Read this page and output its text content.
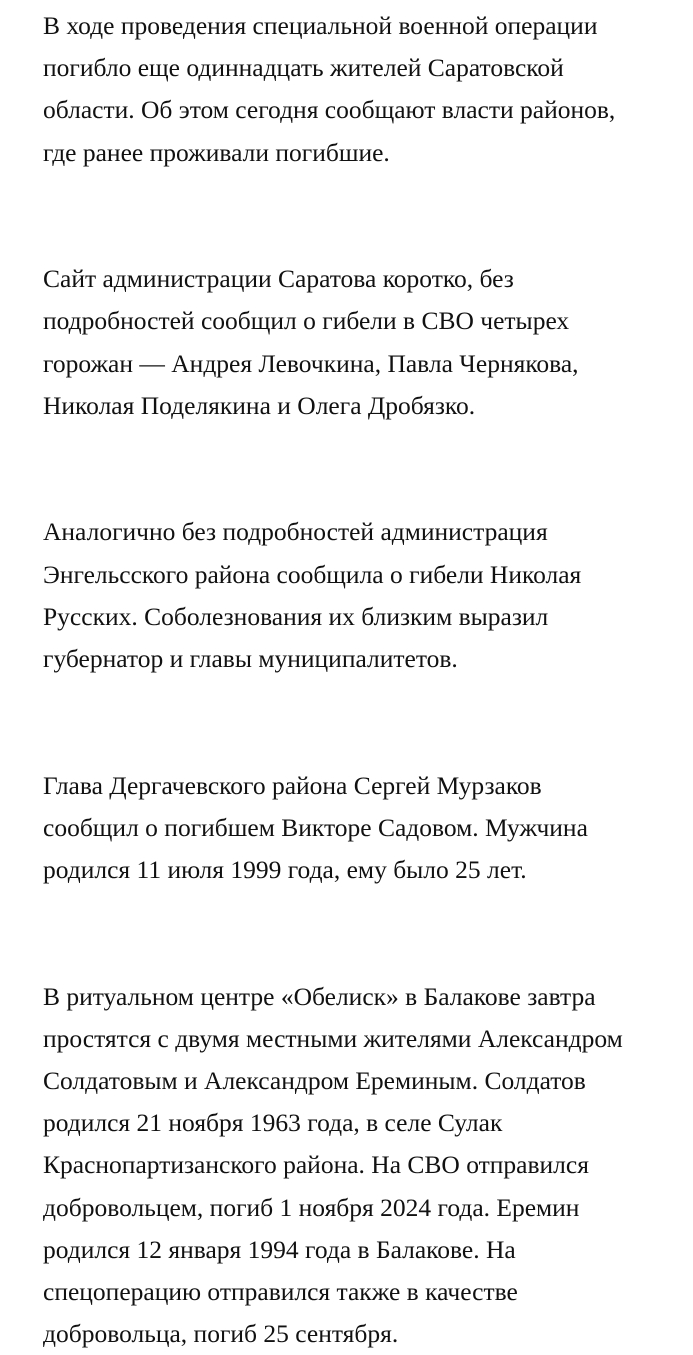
В ходе проведения специальной военной операции
погибло еще одиннадцать жителей Саратовской
области. Об этом сегодня сообщают власти районов,
где ранее проживали погибшие.

Сайт администрации Саратова коротко, без
подробностей сообщил о гибели в СВО четырех
горожан — Андрея Левочкина, Павла Чернякова,
Николая Поделякина и Олега Дробязко.

Аналогично без подробностей администрация
Энгельсского района сообщила о гибели Николая
Русских. Соболезнования их близким выразил
губернатор и главы муниципалитетов.

Глава Дергачевского района Сергей Мурзаков
сообщил о погибшем Викторе Садовом. Мужчина
родился 11 июля 1999 года, ему было 25 лет.

В ритуальном центре «Обелиск» в Балакове завтра
простятся с двумя местными жителями Александром
Солдатовым и Александром Ереминым. Солдатов
родился 21 ноября 1963 года, в селе Сулак
Краснопартизанского района. На СВО отправился
добровольцем, погиб 1 ноября 2024 года. Еремин
родился 12 января 1994 года в Балакове. На
спецоперацию отправился также в качестве
добровольца, погиб 25 сентября.
